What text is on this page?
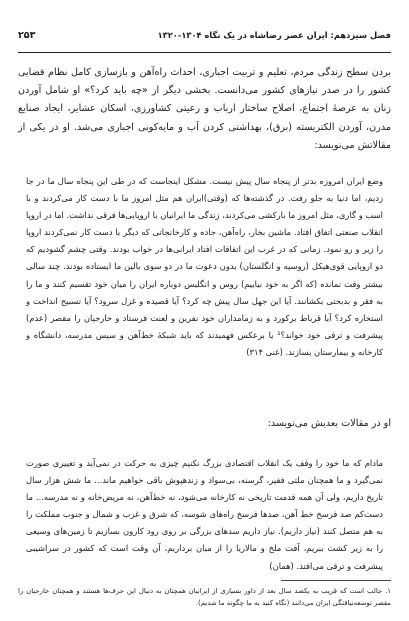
فصل سیزدهم: ایران عصر رضاشاه در یک نگاه ۱۳۰۴-۱۳۲۰
۲۵۳
بردن سطح زندگی مردم، تعلیم و تربیت اجباری، احداث راه‌آهن و بازسازی کامل نظام قضایی کشور را در صدر نیازهای کشور می‌دانست. بخشی دیگر از «چه باید کرد؟» او شامل آوردن زنان به عرصهٔ اجتماع، اصلاح ساختار ارباب و رعیتی کشاورزی، اسکان عشایر، ایجاد صنایع مدرن، آوردن الکتریسته (برق)، بهداشتی کردن آب و مایه‌کوبی اجباری می‌شد. او در یکی از مقالاتش می‌نویسد:
وضع ایران امروزه بدتر از پنجاه سال پیش نیست. مشکل اینجاست که در طی این پنجاه سال ما در جا زدیم، اما دنیا به جلو رفت. در گذشته‌ها که (وقتی)ایران هم مثل امروز ما با دست کار می‌کردند و با اسب و گاری، مثل امروز ما بارکشی می‌کردند، زندگی ما ایرانیان با اروپایی‌ها فرقی نداشت. اما در اروپا انقلاب صنعتی اتفاق افتاد. ماشین بخار، راه‌آهن، جاده و کارخانجاتی که دیگر با دست کار نمی‌کردند اروپا را زیر و رو نمود. زمانی که در غرب این اتفاقات افتاد ایرانی‌ها در خواب بودند. وقتی چشم گشودیم که دو اروپایی قوی‌هیکل (روسیه و انگلستان) بدون دعوت ما در دو سوی بالین ما ایستاده بودند. چند سالی بیشتر وقت نمانده (که اگر به خود نیاییم) روس و انگلیس دوباره ایران را میان خود تقسیم کنند و ما را به فقر و بدبختی بکشانند. آیا این جهل سال پیش چه کرد؟ آیا قصیده و غزل سرود؟ آیا تسبیح انداخت و استخاره کرد؟ آیا قرباط برکورد و به زمامداران خود نفرین و لعنت فرستاد و خارجیان را مقصر (عدم) پیشرفت و ترقی خود خواند؟¹ یا برعکس فهمیدند که باید شبکهٔ خط‌آهن و سیس مدرسه، دانشگاه و کارخانه و بیمارستان بسازند. (غنی ۳۱۴)
او در مقالات بعدیش می‌نویسد:
مادام که ما خود را وقف یک انقلاب اقتصادی بزرگ نکنیم چیزی به حرکت در نمی‌آید و تغییری صورت نمی‌گیرد و ما همچنان ملتی فقیر، گرسنه، بی‌سواد و زندهپوش باقی خواهیم ماند... ما شش هزار سال تاریخ داریم، ولی آن همه قدمت تاریخی نه کارخانه می‌شود، نه خط‌آهن، نه مریض‌خانه و نه مدرسه... ما دست‌کم صد فرسخ خط آهن، صدها فرسخ راه‌های شوسه، که شرق و غرب و شمال و جنوب مملکت را به هم متصل کنند (نیاز داریم). نیاز داریم سدهای بزرگی بر روی رود کارون بسازیم تا زمین‌های وسیعی را به زیر کشت ببریم، آفت ملخ و مالاریا را از میان برداریم، آن وقت است که کشور در سراشیبی پیشرفت و ترقی می‌افتد. (همان)
۱. جالب است که قریب به یکصد سال بعد از داور بسیاری از ایرانیان همچنان به دنبال این حرف‌ها هستند و همچنان خارجیان را مقصر توسعه‌نیافتگی ایران می‌دانند (نگاه کنید به ما چگونه ما شدیم).
